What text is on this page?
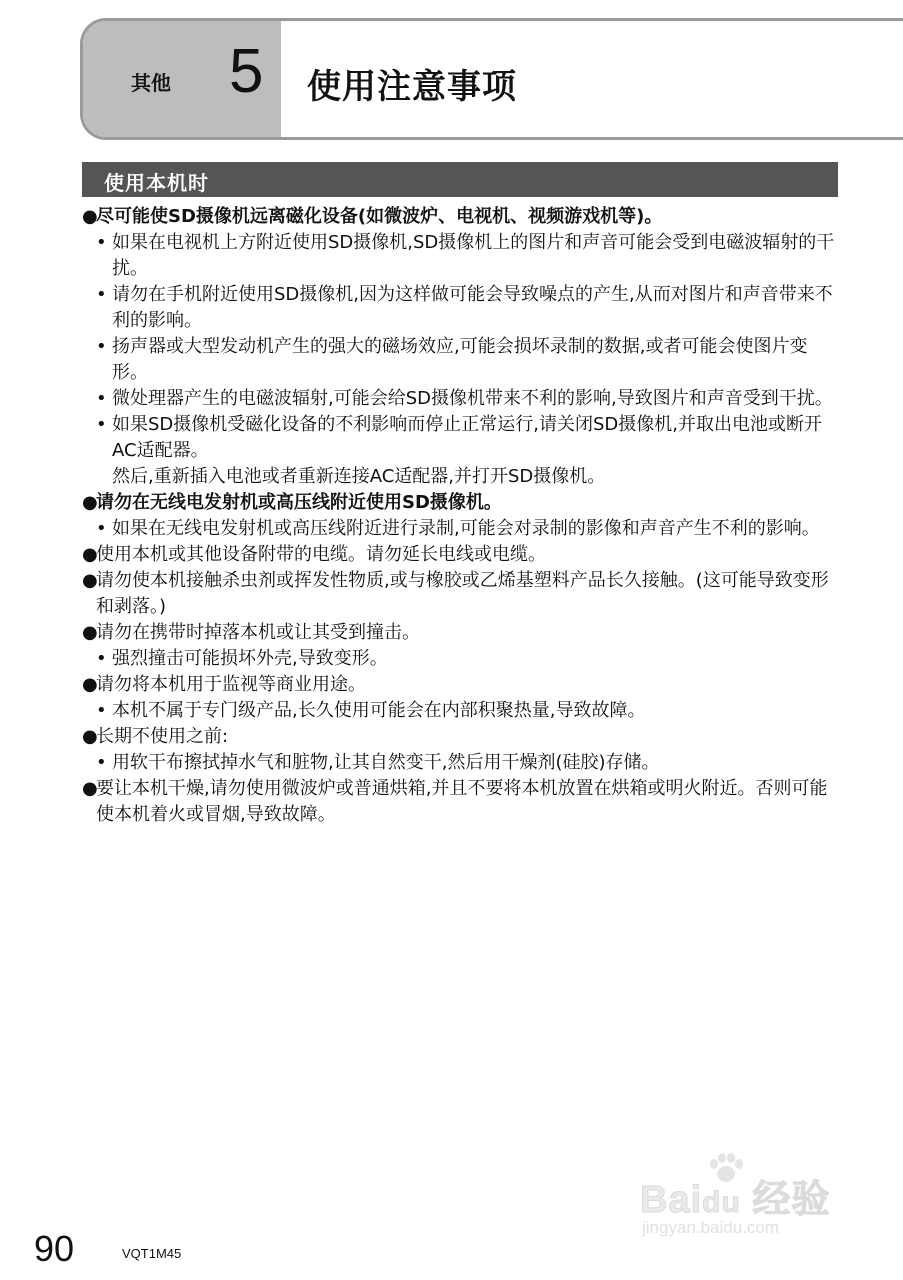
其他 5 使用注意事项
使用本机时
●尽可能使SD摄像机远离磁化设备(如微波炉、电视机、视频游戏机等)。
• 如果在电视机上方附近使用SD摄像机,SD摄像机上的图片和声音可能会受到电磁波辐射的干扰。
• 请勿在手机附近使用SD摄像机,因为这样做可能会导致噪点的产生,从而对图片和声音带来不利的影响。
• 扬声器或大型发动机产生的强大的磁场效应,可能会损坏录制的数据,或者可能会使图片变形。
• 微处理器产生的电磁波辐射,可能会给SD摄像机带来不利的影响,导致图片和声音受到干扰。
• 如果SD摄像机受磁化设备的不利影响而停止正常运行,请关闭SD摄像机,并取出电池或断开AC适配器。
然后,重新插入电池或者重新连接AC适配器,并打开SD摄像机。
●请勿在无线电发射机或高压线附近使用SD摄像机。
• 如果在无线电发射机或高压线附近进行录制,可能会对录制的影像和声音产生不利的影响。
●使用本机或其他设备附带的电缆。请勿延长电线或电缆。
●请勿使本机接触杀虫剂或挥发性物质,或与橡胶或乙烯基塑料产品长久接触。(这可能导致变形和剥落。)
●请勿在携带时掉落本机或让其受到撞击。
• 强烈撞击可能损坏外壳,导致变形。
●请勿将本机用于监视等商业用途。
• 本机不属于专门级产品,长久使用可能会在内部积聚热量,导致故障。
●长期不使用之前:
• 用软干布擦拭掉水气和脏物,让其自然变干,然后用干燥剂(硅胶)存储。
●要让本机干燥,请勿使用微波炉或普通烘箱,并且不要将本机放置在烘箱或明火附近。否则可能使本机着火或冒烟,导致故障。
90	VQT1M45
Baidu 经验
jingyan.baidu.com
